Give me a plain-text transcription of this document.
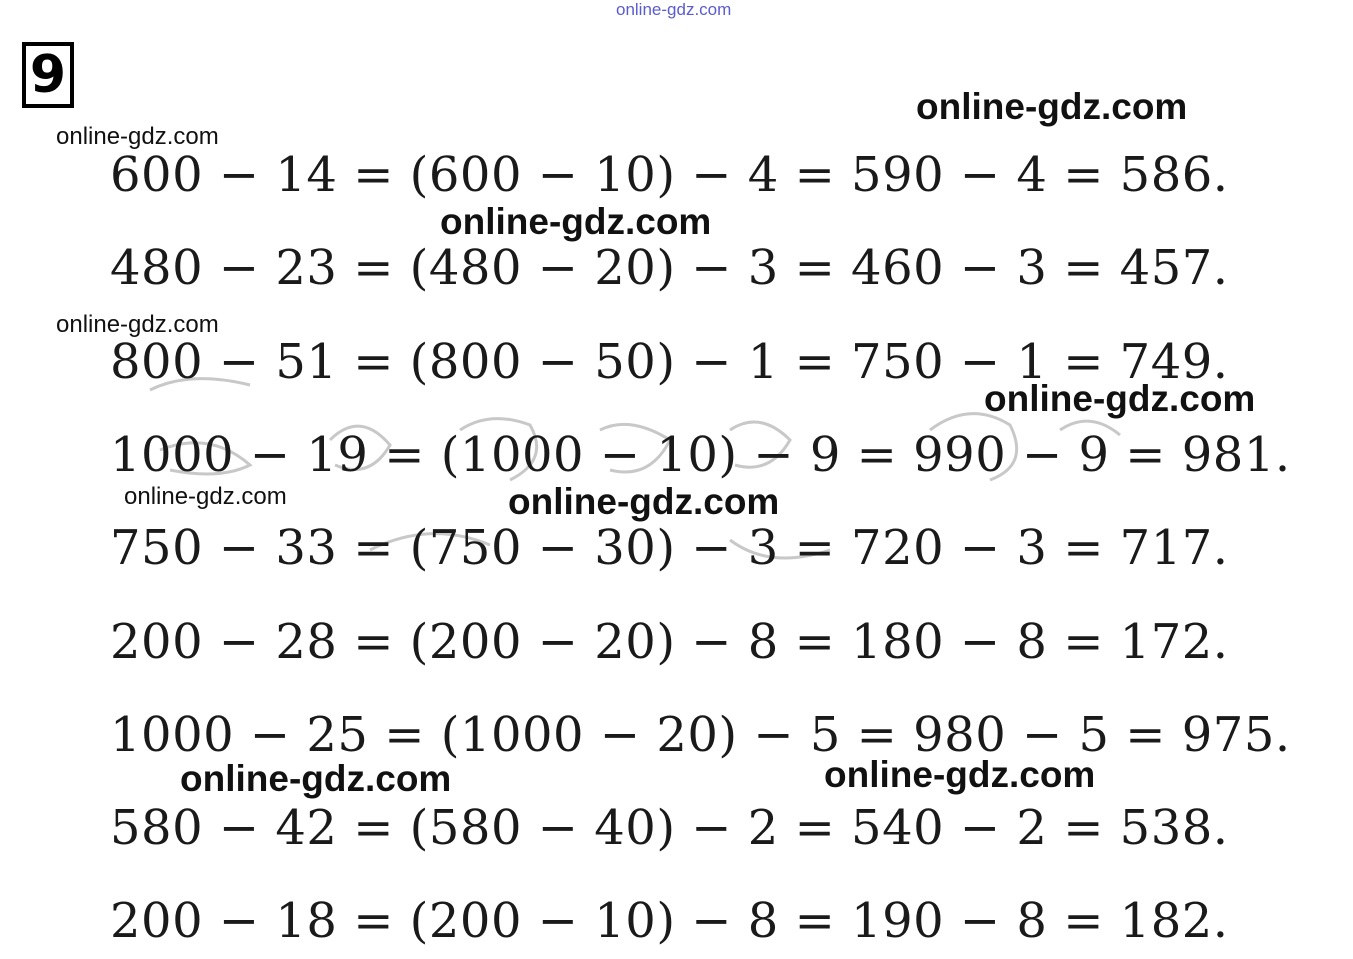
online-gdz.com
9
600 − 14 = (600 − 10) − 4 = 590 − 4 = 586.
480 − 23 = (480 − 20) − 3 = 460 − 3 = 457.
800 − 51 = (800 − 50) − 1 = 750 − 1 = 749.
1000 − 19 = (1000 − 10) − 9 = 990 − 9 = 981.
750 − 33 = (750 − 30) − 3 = 720 − 3 = 717.
200 − 28 = (200 − 20) − 8 = 180 − 8 = 172.
1000 − 25 = (1000 − 20) − 5 = 980 − 5 = 975.
580 − 42 = (580 − 40) − 2 = 540 − 2 = 538.
200 − 18 = (200 − 10) − 8 = 190 − 8 = 182.
online-gdz.com
online-gdz.com
online-gdz.com
online-gdz.com
online-gdz.com
online-gdz.com	online-gdz.com
online-gdz.com	online-gdz.com
